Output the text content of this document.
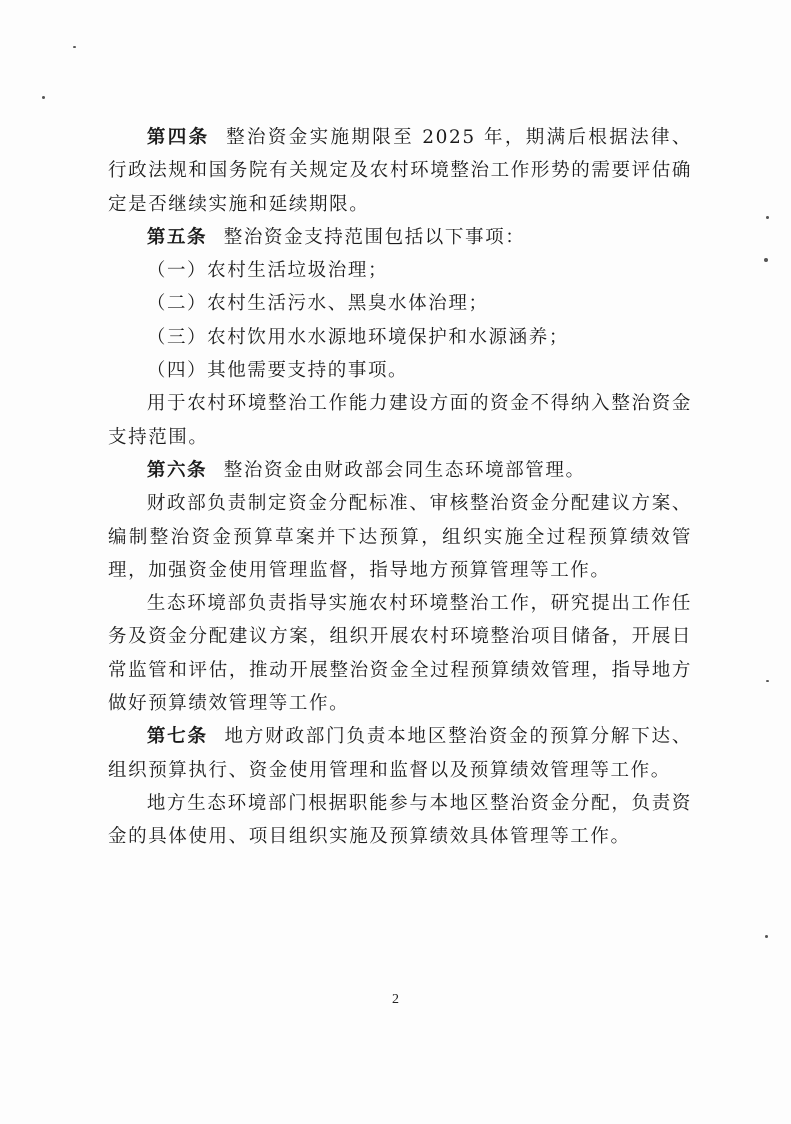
第四条 整治资金实施期限至 2025 年，期满后根据法律、行政法规和国务院有关规定及农村环境整治工作形势的需要评估确定是否继续实施和延续期限。

第五条 整治资金支持范围包括以下事项：

（一）农村生活垃圾治理；

（二）农村生活污水、黑臭水体治理；

（三）农村饮用水水源地环境保护和水源涵养；

（四）其他需要支持的事项。

用于农村环境整治工作能力建设方面的资金不得纳入整治资金支持范围。

第六条 整治资金由财政部会同生态环境部管理。

财政部负责制定资金分配标准、审核整治资金分配建议方案、编制整治资金预算草案并下达预算，组织实施全过程预算绩效管理，加强资金使用管理监督，指导地方预算管理等工作。

生态环境部负责指导实施农村环境整治工作，研究提出工作任务及资金分配建议方案，组织开展农村环境整治项目储备，开展日常监管和评估，推动开展整治资金全过程预算绩效管理，指导地方做好预算绩效管理等工作。

第七条 地方财政部门负责本地区整治资金的预算分解下达、组织预算执行、资金使用管理和监督以及预算绩效管理等工作。

地方生态环境部门根据职能参与本地区整治资金分配，负责资金的具体使用、项目组织实施及预算绩效具体管理等工作。

2
